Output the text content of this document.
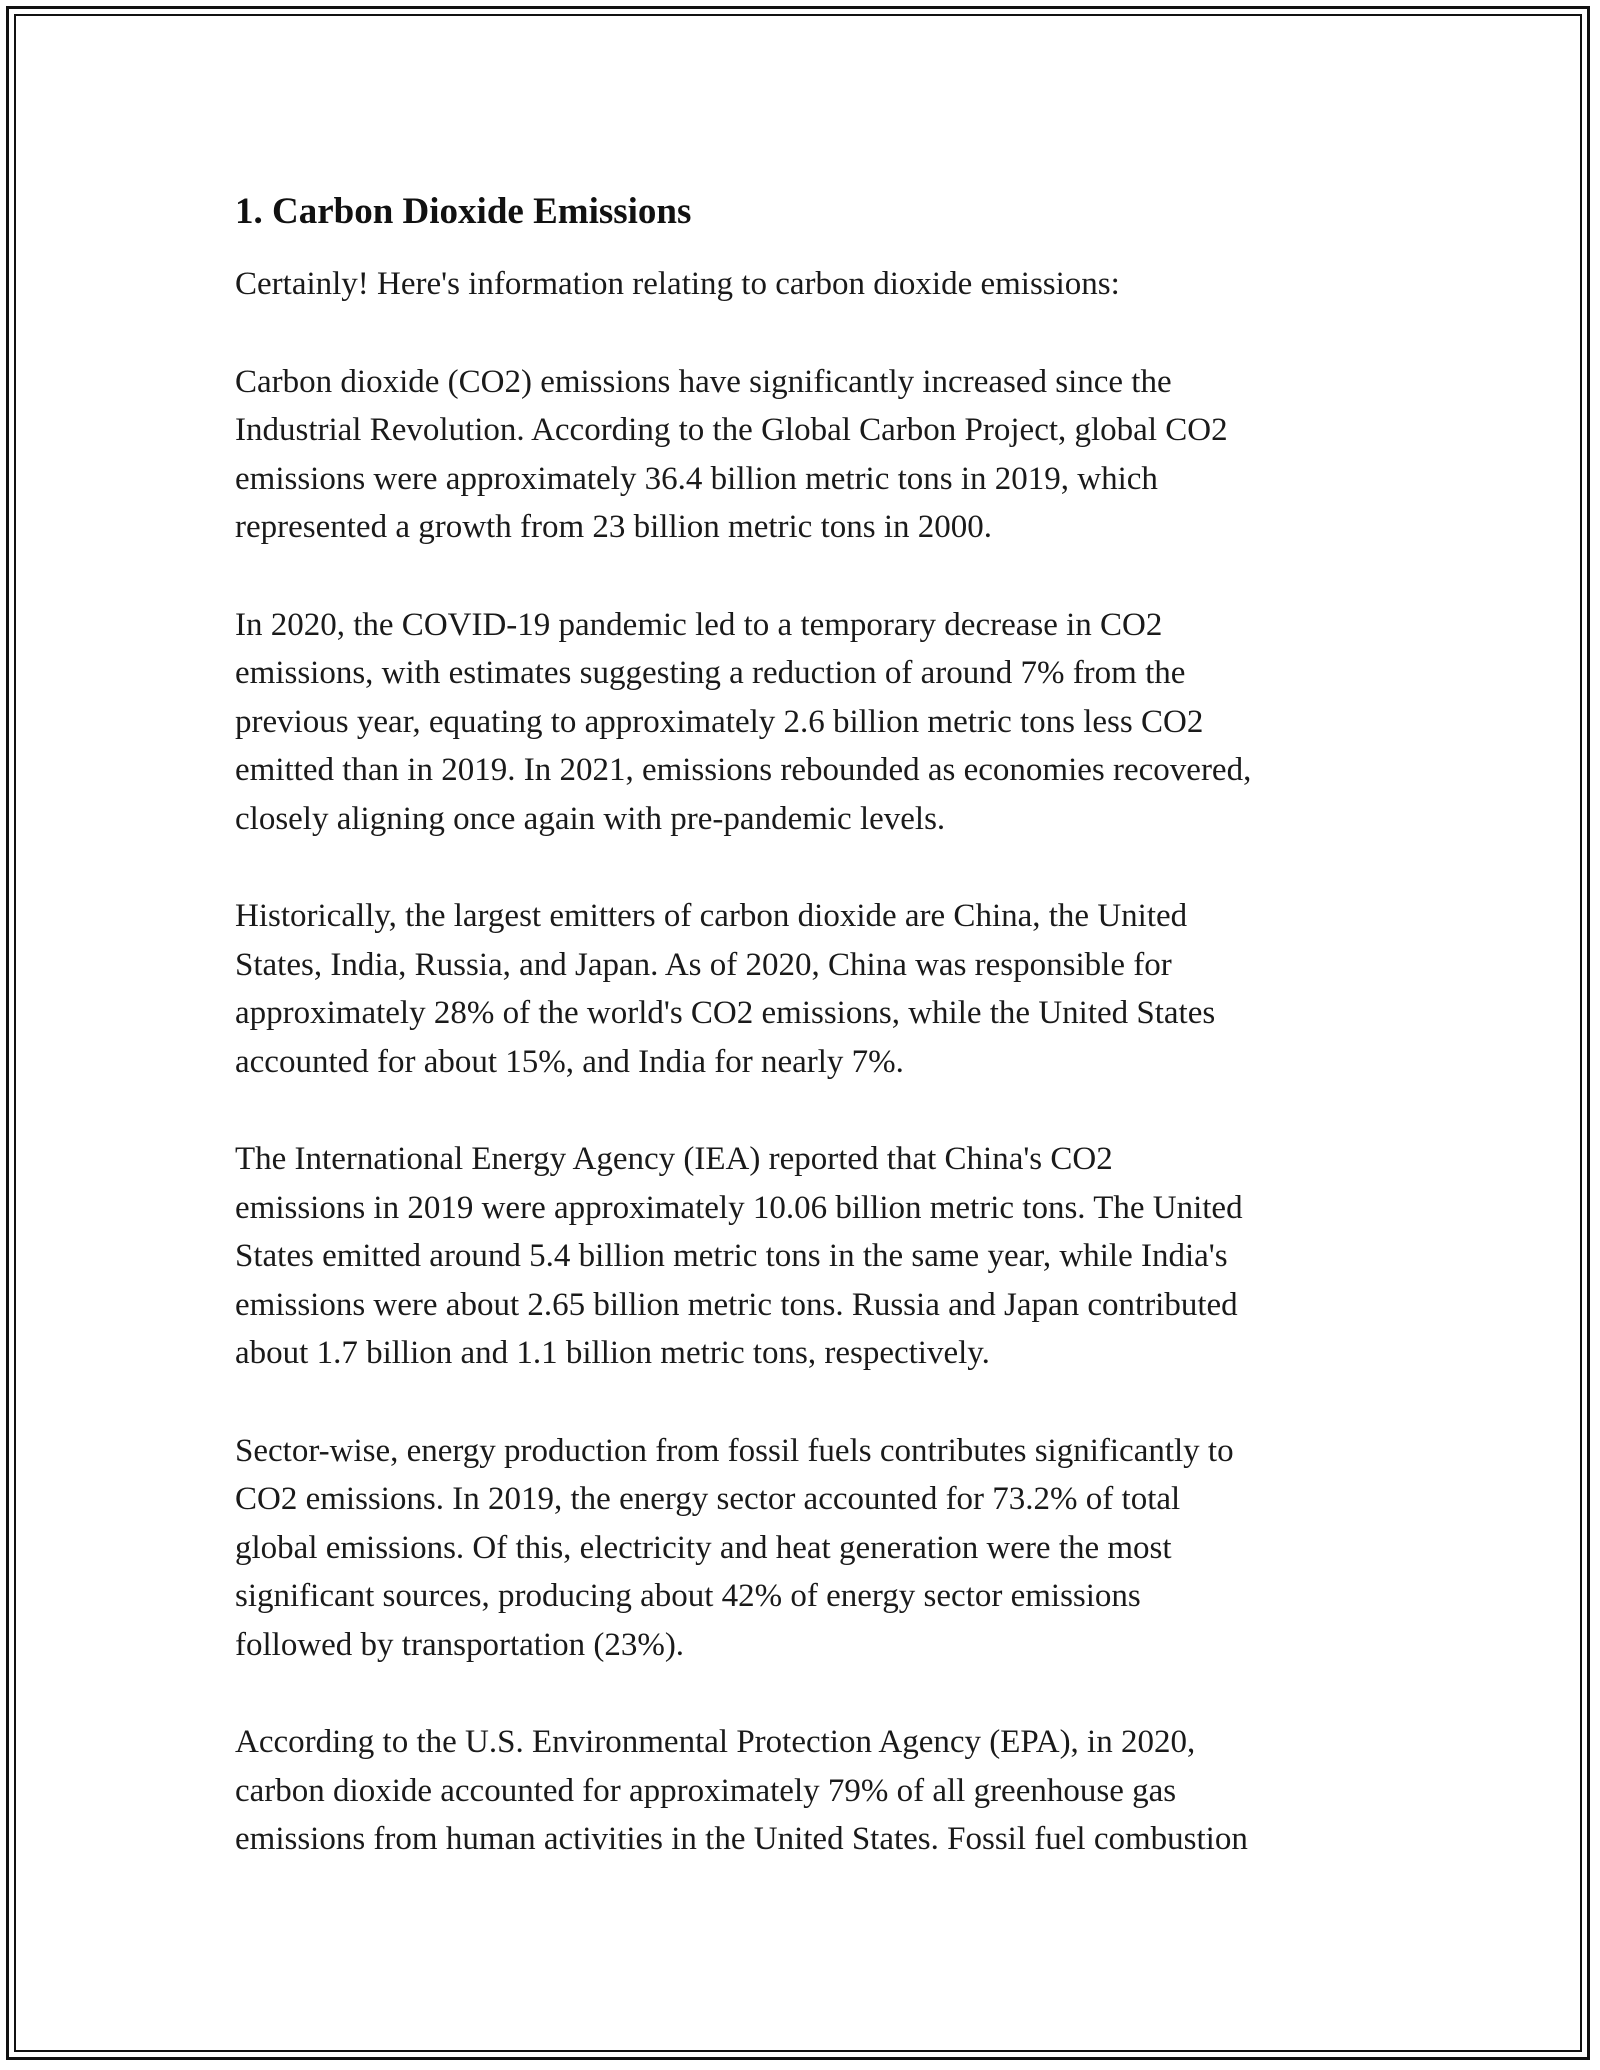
1. Carbon Dioxide Emissions

Certainly! Here's information relating to carbon dioxide emissions:

Carbon dioxide (CO2) emissions have significantly increased since the
Industrial Revolution. According to the Global Carbon Project, global CO2
emissions were approximately 36.4 billion metric tons in 2019, which
represented a growth from 23 billion metric tons in 2000.

In 2020, the COVID-19 pandemic led to a temporary decrease in CO2
emissions, with estimates suggesting a reduction of around 7% from the
previous year, equating to approximately 2.6 billion metric tons less CO2
emitted than in 2019. In 2021, emissions rebounded as economies recovered,
closely aligning once again with pre-pandemic levels.

Historically, the largest emitters of carbon dioxide are China, the United
States, India, Russia, and Japan. As of 2020, China was responsible for
approximately 28% of the world's CO2 emissions, while the United States
accounted for about 15%, and India for nearly 7%.

The International Energy Agency (IEA) reported that China's CO2
emissions in 2019 were approximately 10.06 billion metric tons. The United
States emitted around 5.4 billion metric tons in the same year, while India's
emissions were about 2.65 billion metric tons. Russia and Japan contributed
about 1.7 billion and 1.1 billion metric tons, respectively.

Sector-wise, energy production from fossil fuels contributes significantly to
CO2 emissions. In 2019, the energy sector accounted for 73.2% of total
global emissions. Of this, electricity and heat generation were the most
significant sources, producing about 42% of energy sector emissions
followed by transportation (23%).

According to the U.S. Environmental Protection Agency (EPA), in 2020,
carbon dioxide accounted for approximately 79% of all greenhouse gas
emissions from human activities in the United States. Fossil fuel combustion
